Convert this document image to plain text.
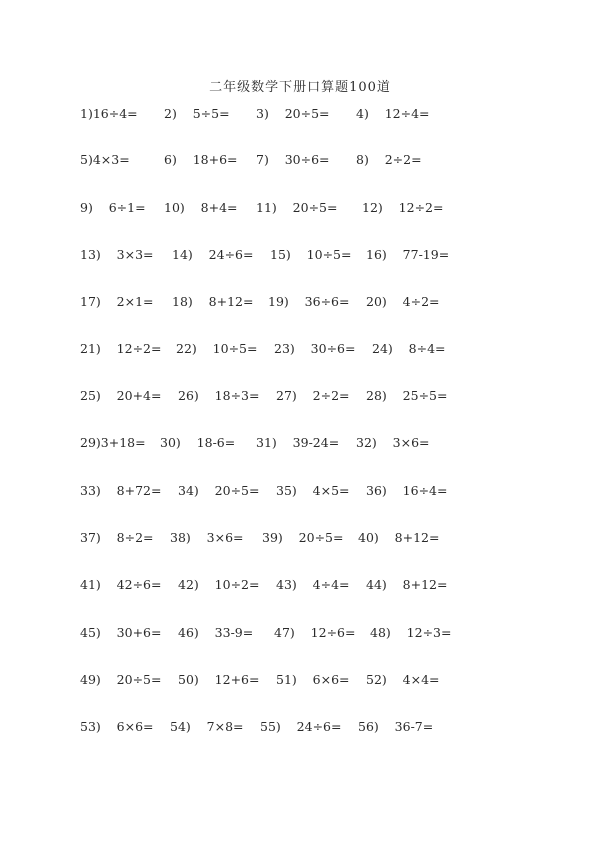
二年级数学下册口算题100道
1)16÷4= 2)    5÷5= 3)    20÷5= 4)    12÷4=
5)4×3=	6)    18+6= 7)    30÷6= 8)    2÷2=
9)    6÷1= 10)    8+4= 11)    20÷5= 12)    12÷2=
13)    3×3= 14)    24÷6= 15)    10÷5= 16)    77-19=
17)    2×1= 18)    8+12= 19)    36÷6= 20)    4÷2=
21)    12÷2= 22)    10÷5= 23)    30÷6= 24)    8÷4=
25)    20+4= 26)    18÷3= 27)    2÷2= 28)    25÷5=
29)3+18= 30)    18-6= 31)    39-24= 32)    3×6=
33)    8+72= 34)    20÷5= 35)    4×5= 36)    16÷4=
37)    8÷2= 38)    3×6= 39)    20÷5= 40)    8+12=
41)    42÷6= 42)    10÷2= 43)    4÷4= 44)    8+12=
45)    30+6= 46)    33-9= 47)    12÷6= 48)    12÷3=
49)    20÷5= 50)    12+6= 51)    6×6= 52)    4×4=
53)    6×6= 54)    7×8= 55)    24÷6= 56)    36-7=
